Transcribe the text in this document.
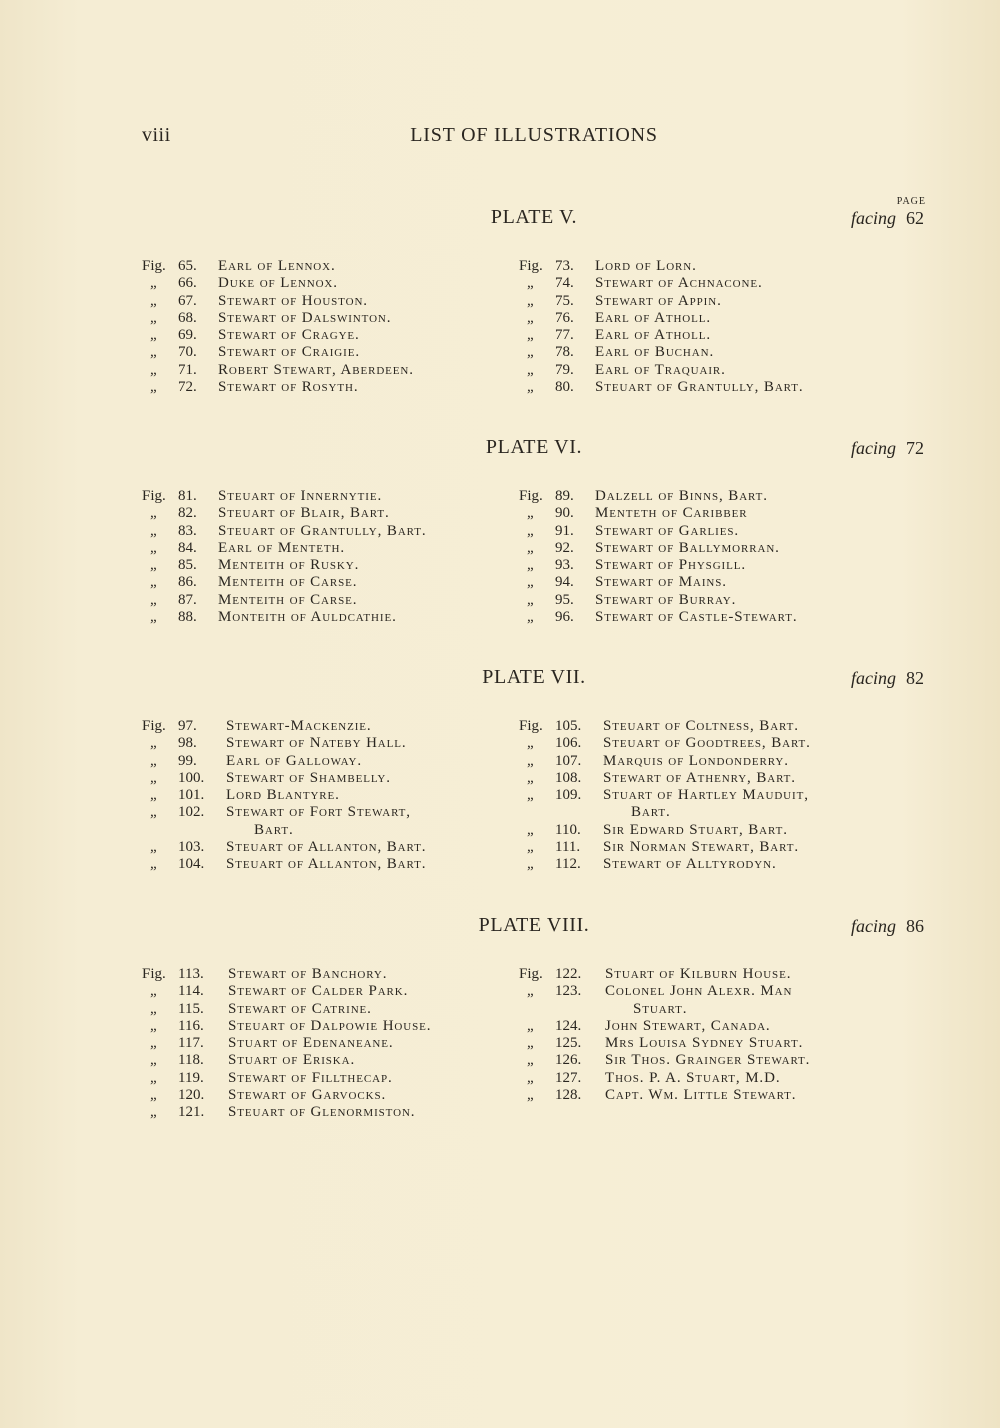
viii	LIST OF ILLUSTRATIONS
PAGE
PLATE V.	facing 62
Fig. 65. Earl of Lennox.
„ 66. Duke of Lennox.
„ 67. Stewart of Houston.
„ 68. Stewart of Dalswinton.
„ 69. Stewart of Cragye.
„ 70. Stewart of Craigie.
„ 71. Robert Stewart, Aberdeen.
„ 72. Stewart of Rosyth.
Fig. 73. Lord of Lorn.
„ 74. Stewart of Achnacone.
„ 75. Stewart of Appin.
„ 76. Earl of Atholl.
„ 77. Earl of Atholl.
„ 78. Earl of Buchan.
„ 79. Earl of Traquair.
„ 80. Steuart of Grantully, Bart.
PLATE VI.	facing 72
Fig. 81. Steuart of Innernytie.
„ 82. Steuart of Blair, Bart.
„ 83. Steuart of Grantully, Bart.
„ 84. Earl of Menteth.
„ 85. Menteith of Rusky.
„ 86. Menteith of Carse.
„ 87. Menteith of Carse.
„ 88. Monteith of Auldcathie.
Fig. 89. Dalzell of Binns, Bart.
„ 90. Menteth of Caribber
„ 91. Stewart of Garlies.
„ 92. Stewart of Ballymorran.
„ 93. Stewart of Physgill.
„ 94. Stewart of Mains.
„ 95. Stewart of Burray.
„ 96. Stewart of Castle-Stewart.
PLATE VII.	facing 82
Fig. 97. Stewart-Mackenzie.
„ 98. Stewart of Nateby Hall.
„ 99. Earl of Galloway.
„ 100. Stewart of Shambelly.
„ 101. Lord Blantyre.
„ 102. Stewart of Fort Stewart,
Bart.
„ 103. Steuart of Allanton, Bart.
„ 104. Steuart of Allanton, Bart.
Fig. 105. Steuart of Coltness, Bart.
„ 106. Steuart of Goodtrees, Bart.
„ 107. Marquis of Londonderry.
„ 108. Stewart of Athenry, Bart.
„ 109. Stuart of Hartley Mauduit,
Bart.
„ 110. Sir Edward Stuart, Bart.
„ 111. Sir Norman Stewart, Bart.
„ 112. Stewart of Alltyrodyn.
PLATE VIII.	facing 86
Fig. 113. Stewart of Banchory.
„ 114. Stewart of Calder Park.
„ 115. Stewart of Catrine.
„ 116. Steuart of Dalpowie House.
„ 117. Stuart of Edenaneane.
„ 118. Stuart of Eriska.
„ 119. Stewart of Fillthecap.
„ 120. Stewart of Garvocks.
„ 121. Steuart of Glenormiston.
Fig. 122. Stuart of Kilburn House.
„ 123. Colonel John Alexr. Man
Stuart.
„ 124. John Stewart, Canada.
„ 125. Mrs Louisa Sydney Stuart.
„ 126. Sir Thos. Grainger Stewart.
„ 127. Thos. P. A. Stuart, M.D.
„ 128. Capt. Wm. Little Stewart.
